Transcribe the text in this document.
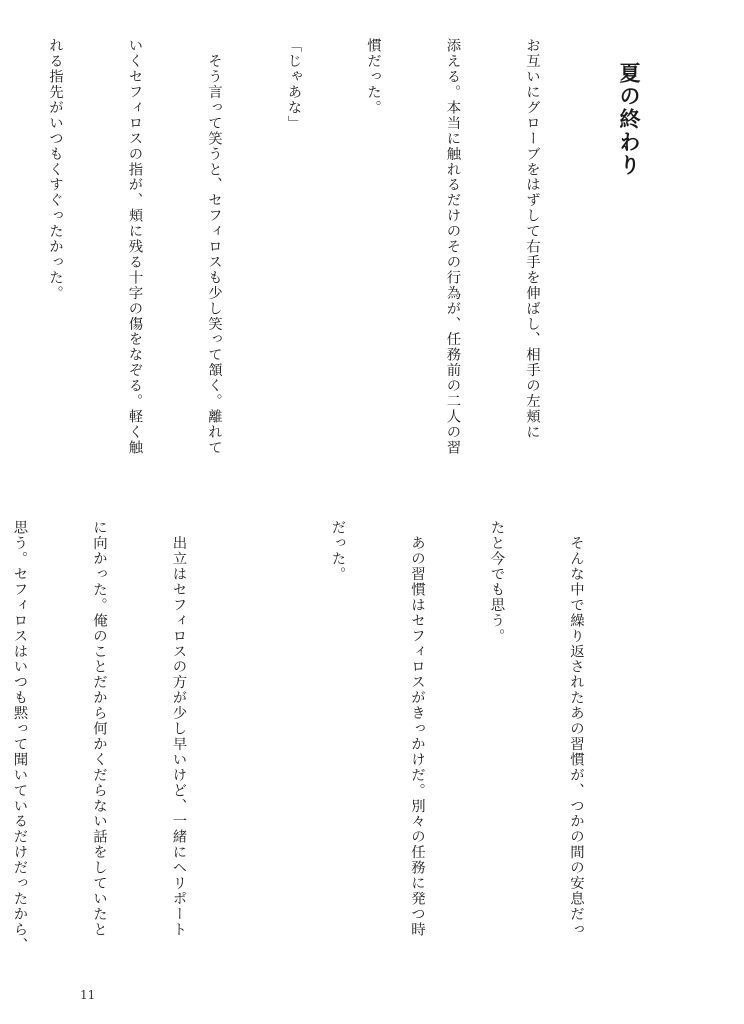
夏の終わり

お互いにグローブをはずして右手を伸ばし、相手の左頬に

添える。本当に触れるだけのその行為が、任務前の二人の習

慣だった。

「じゃあな」

　そう言って笑うと、セフィロスも少し笑って頷く。離れて

いくセフィロスの指が、頬に残る十字の傷をなぞる。軽く触

れる指先がいつもくすぐったかった。

　そんな中で繰り返されたあの習慣が、つかの間の安息だっ

たと今でも思う。

　あの習慣はセフィロスがきっかけだ。別々の任務に発つ時

だった。

　出立はセフィロスの方が少し早いけど、一緒にヘリポート

に向かった。俺のことだから何かくだらない話をしていたと

思う。セフィロスはいつも黙って聞いているだけだったから、

11
